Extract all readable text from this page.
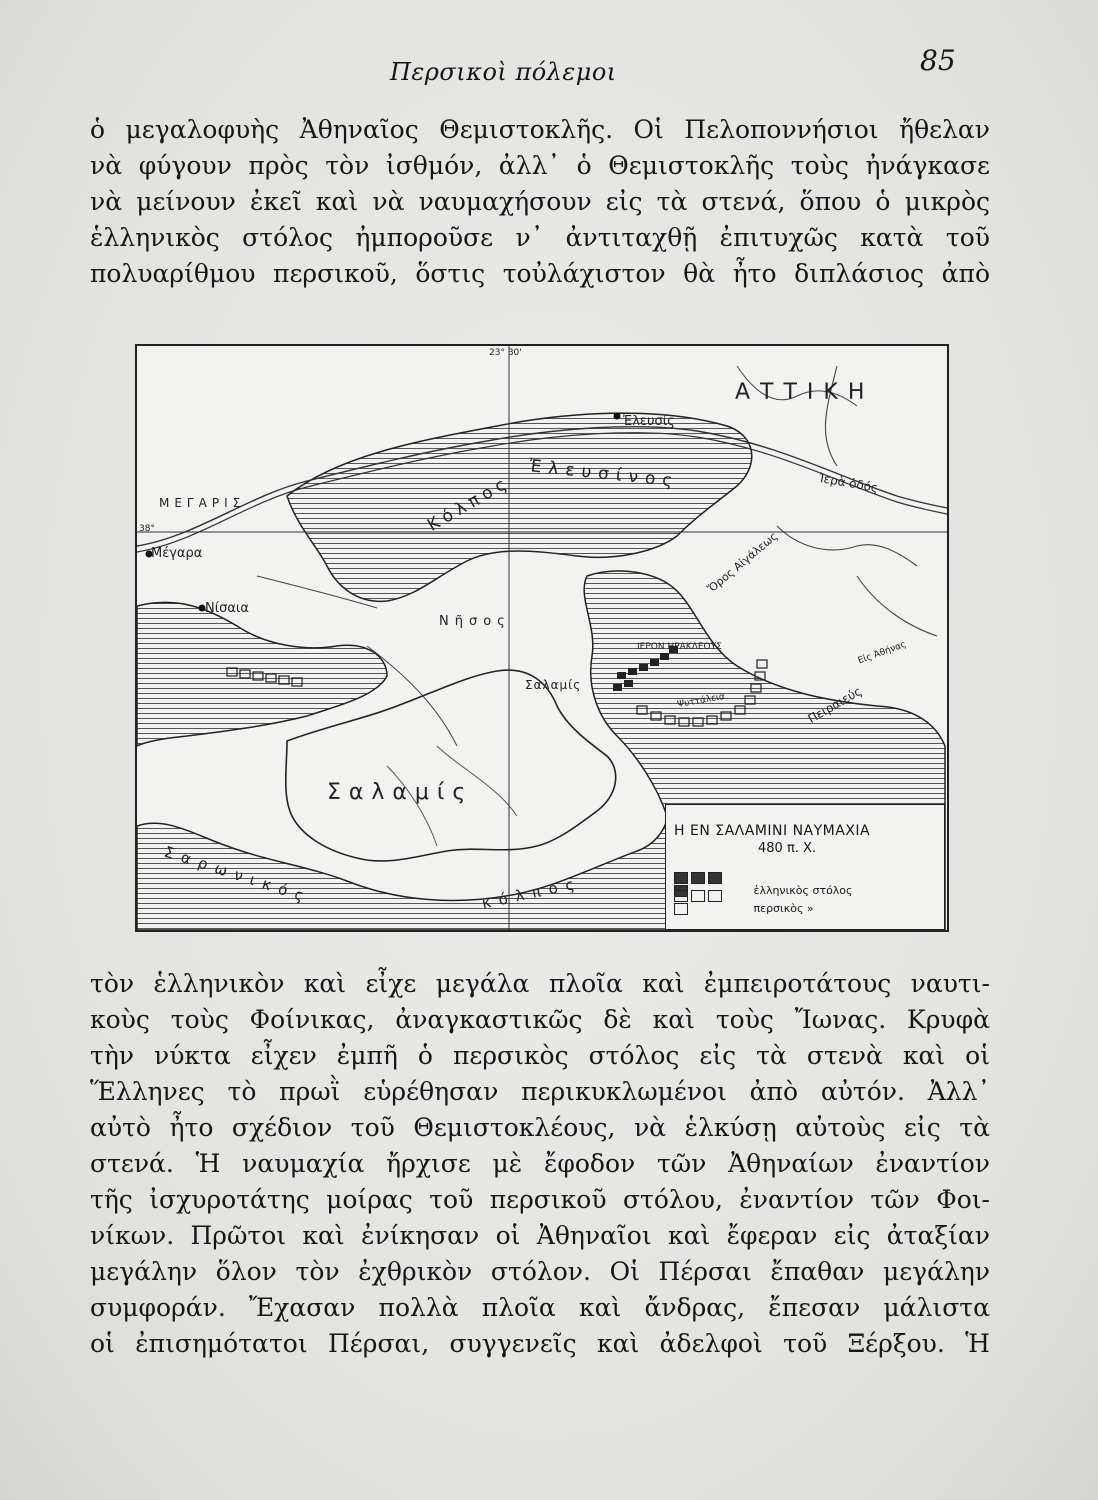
Περσικοὶ πόλεμοι	85
ὁ μεγαλοφυὴς Ἀθηναῖος Θεμιστοκλῆς. Οἱ Πελοποννήσιοι ἤθελαν
νὰ φύγουν πρὸς τὸν ἰσθμόν, ἀλλ᾽ ὁ Θεμιστοκλῆς τοὺς ἠνάγκασε
νὰ μείνουν ἐκεῖ καὶ νὰ ναυμαχήσουν εἰς τὰ στενά, ὅπου ὁ μικρὸς
ἑλληνικὸς στόλος ἠμποροῦσε ν᾽ ἀντιταχθῇ ἐπιτυχῶς κατὰ τοῦ
πολυαρίθμου περσικοῦ, ὅστις τοὐλάχιστον θὰ ἦτο διπλάσιος ἀπὸ
23° 30'
38°
ΑΤΤΙΚΗ
Ἐλευσίς
Κόλπος Ἐλευσίνος	Ἱερὰ ὁδός
ΜΕΓΑΡΙΣ
Μέγαρα
Νίσαια
Νῆσος
Ὄρος Αἰγάλεως
ΙΕΡΟΝ ΗΡΑΚΛΕΟΥΣ
Σαλαμίς
Ψυττάλεια	Πειραιεύς
Εἰς Ἀθήνας
Σαλαμίς
Σαρωνικός	κόλπος
Η ΕΝ ΣΑΛΑΜΙΝΙ ΝΑΥΜΑΧΙΑ
480 π. Χ.
ἑλληνικὸς στόλος
περσικὸς »
τὸν ἑλληνικὸν καὶ εἶχε μεγάλα πλοῖα καὶ ἐμπειροτάτους ναυτι-
κοὺς τοὺς Φοίνικας, ἀναγκαστικῶς δὲ καὶ τοὺς Ἴωνας. Κρυφὰ
τὴν νύκτα εἶχεν ἐμπῆ ὁ περσικὸς στόλος εἰς τὰ στενὰ καὶ οἱ
Ἕλληνες τὸ πρωῒ εὑρέθησαν περικυκλωμένοι ἀπὸ αὐτόν. Ἀλλ᾽
αὐτὸ ἦτο σχέδιον τοῦ Θεμιστοκλέους, νὰ ἑλκύσῃ αὐτοὺς εἰς τὰ
στενά. Ἡ ναυμαχία ἤρχισε μὲ ἔφοδον τῶν Ἀθηναίων ἐναντίον
τῆς ἰσχυροτάτης μοίρας τοῦ περσικοῦ στόλου, ἐναντίον τῶν Φοι-
νίκων. Πρῶτοι καὶ ἐνίκησαν οἱ Ἀθηναῖοι καὶ ἔφεραν εἰς ἀταξίαν
μεγάλην ὅλον τὸν ἐχθρικὸν στόλον. Οἱ Πέρσαι ἔπαθαν μεγάλην
συμφοράν. Ἔχασαν πολλὰ πλοῖα καὶ ἄνδρας, ἔπεσαν μάλιστα
οἱ ἐπισημότατοι Πέρσαι, συγγενεῖς καὶ ἀδελφοὶ τοῦ Ξέρξου. Ἡ
